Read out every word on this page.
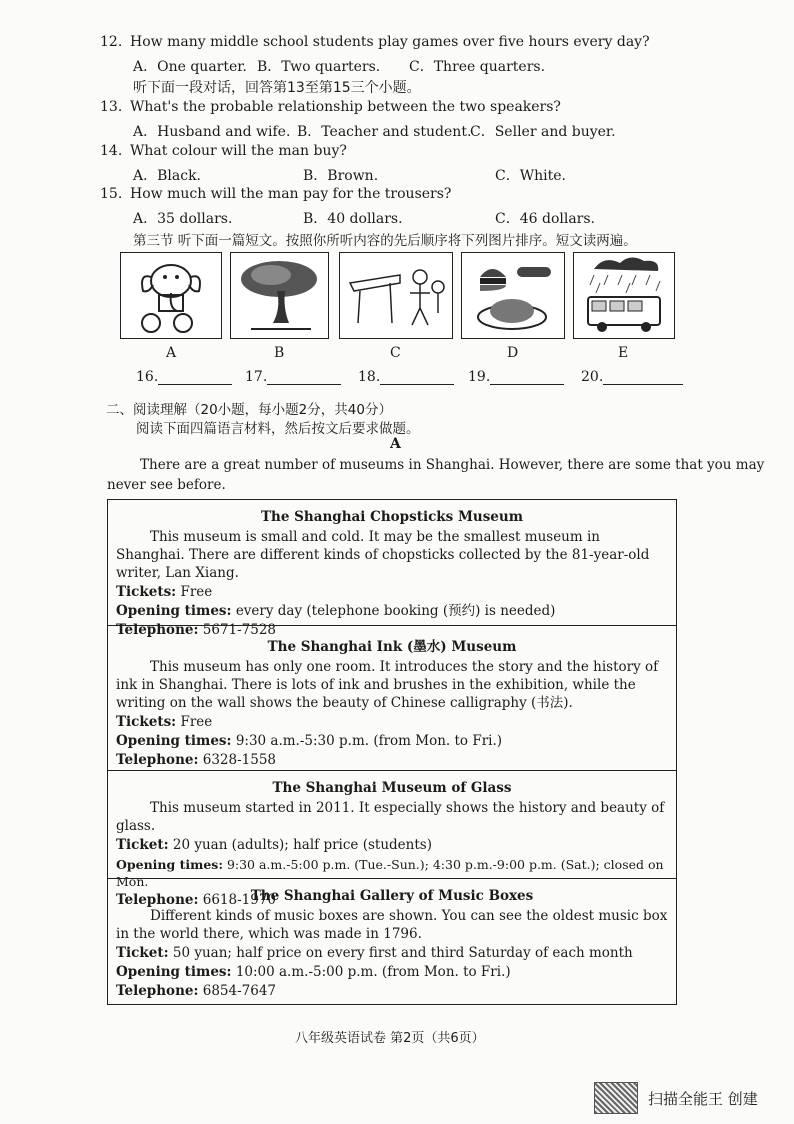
12. How many middle school students play games over five hours every day?
A．One quarter. B．Two quarters. C．Three quarters.
听下面一段对话，回答第13至第15三个小题。
13. What's the probable relationship between the two speakers?
A．Husband and wife. B．Teacher and student.C．Seller and buyer.
14. What colour will the man buy?
A．Black.	B．Brown.	C．White.
15. How much will the man pay for the trousers?
A．35 dollars.	B．40 dollars.	C．46 dollars.
第三节 听下面一篇短文。按照你所听内容的先后顺序将下列图片排序。短文读两遍。
A	B	C	D	E
16.	17.	18.	19.	20.
二、阅读理解（20小题，每小题2分，共40分）
阅读下面四篇语言材料，然后按文后要求做题。
A
There are a great number of museums in Shanghai. However, there are some that you may
never see before.
The Shanghai Chopsticks Museum
This museum is small and cold. It may be the smallest museum in Shanghai. There are different kinds of chopsticks collected by the 81-year-old writer, Lan Xiang.
Tickets: Free
Opening times: every day (telephone booking (预约) is needed)
Telephone: 5671-7528
The Shanghai Ink (墨水) Museum
This museum has only one room. It introduces the story and the history of ink in Shanghai. There is lots of ink and brushes in the exhibition, while the writing on the wall shows the beauty of Chinese calligraphy (书法).
Tickets: Free
Opening times: 9:30 a.m.-5:30 p.m. (from Mon. to Fri.)
Telephone: 6328-1558
The Shanghai Museum of Glass
This museum started in 2011. It especially shows the history and beauty of glass.
Ticket: 20 yuan (adults); half price (students)
Opening times: 9:30 a.m.-5:00 p.m. (Tue.-Sun.); 4:30 p.m.-9:00 p.m. (Sat.); closed on Mon.
Telephone: 6618-1970
The Shanghai Gallery of Music Boxes
Different kinds of music boxes are shown. You can see the oldest music box in the world there, which was made in 1796.
Ticket: 50 yuan; half price on every first and third Saturday of each month
Opening times: 10:00 a.m.-5:00 p.m. (from Mon. to Fri.)
Telephone: 6854-7647
八年级英语试卷 第2页（共6页）
扫描全能王 创建
